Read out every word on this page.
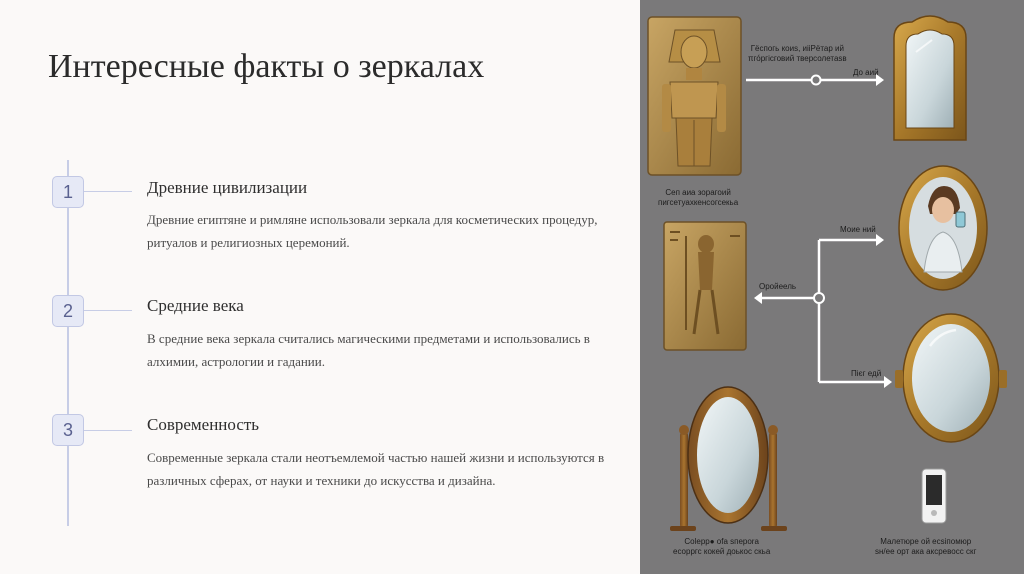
Интересные факты о зеркалах
1	Древние цивилизации
Древние египтяне и римляне использовали зеркала для косметических процедур, ритуалов и религиозных церемоний.
2	Средние века
В средние века зеркала считались магическими предметами и использовались в алхимии, астрологии и гадании.
3	Современность
Современные зеркала стали неотъемлемой частью нашей жизни и используются в различных сферах, от науки и техники до искусства и дизайна.
Гёспогь коиs, иiiРётар ий
πго́ргісговий тверсолетаsв
До аий
Сеп аиа зорагоий
пигсетуахкенсогсекьа
Моие ний
Оройеель
Пієг едй
Colepp● ofa sпероrа
есорргс кокей доькос скьа
Малетюре ой ecsiпомюр
sн/ее орт ака аксревосс скг
